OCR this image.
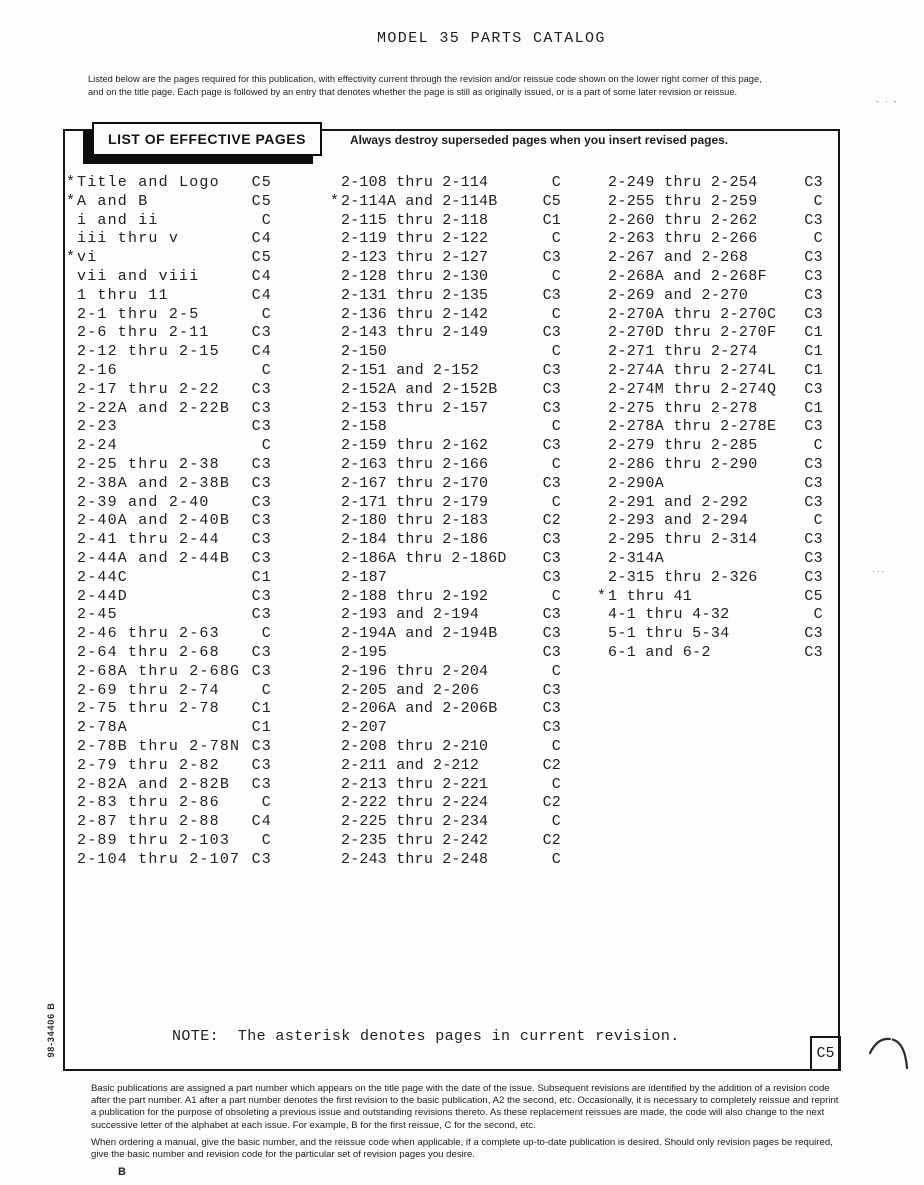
MODEL 35 PARTS CATALOG
Listed below are the pages required for this publication, with effectivity current through the revision and/or reissue code shown on the lower right corner of this page,
and on the title page. Each page is followed by an entry that denotes whether the page is still as originally issued, or is a part of some later revision or reissue.
LIST OF EFFECTIVE PAGES	Always destroy superseded pages when you insert revised pages.
* Title and Logo	C5
* A and B	C5
i and ii	C
iii thru v	C4
* vi	C5
vii and viii	C4
1 thru 11	C4
2-1 thru 2-5	C
2-6 thru 2-11	C3
2-12 thru 2-15	C4
2-16	C
2-17 thru 2-22	C3
2-22A and 2-22B	C3
2-23	C3
2-24	C
2-25 thru 2-38	C3
2-38A and 2-38B	C3
2-39 and 2-40	C3
2-40A and 2-40B	C3
2-41 thru 2-44	C3
2-44A and 2-44B	C3
2-44C	C1
2-44D	C3
2-45	C3
2-46 thru 2-63	C
2-64 thru 2-68	C3
2-68A thru 2-68G C3
2-69 thru 2-74	C
2-75 thru 2-78	C1
2-78A	C1
2-78B thru 2-78N C3
2-79 thru 2-82	C3
2-82A and 2-82B	C3
2-83 thru 2-86	C
2-87 thru 2-88	C4
2-89 thru 2-103	C
2-104 thru 2-107 C3
2-108 thru 2-114	C
* 2-114A and 2-114B	C5
2-115 thru 2-118	C1
2-119 thru 2-122	C
2-123 thru 2-127	C3
2-128 thru 2-130	C
2-131 thru 2-135	C3
2-136 thru 2-142	C
2-143 thru 2-149	C3
2-150	C
2-151 and 2-152	C3
2-152A and 2-152B	C3
2-153 thru 2-157	C3
2-158	C
2-159 thru 2-162	C3
2-163 thru 2-166	C
2-167 thru 2-170	C3
2-171 thru 2-179	C
2-180 thru 2-183	C2
2-184 thru 2-186	C3
2-186A thru 2-186D	C3
2-187	C3
2-188 thru 2-192	C
2-193 and 2-194	C3
2-194A and 2-194B	C3
2-195	C3
2-196 thru 2-204	C
2-205 and 2-206	C3
2-206A and 2-206B	C3
2-207	C3
2-208 thru 2-210	C
2-211 and 2-212	C2
2-213 thru 2-221	C
2-222 thru 2-224	C2
2-225 thru 2-234	C
2-235 thru 2-242	C2
2-243 thru 2-248	C
2-249 thru 2-254	C3
2-255 thru 2-259	C
2-260 thru 2-262	C3
2-263 thru 2-266	C
2-267 and 2-268	C3
2-268A and 2-268F	C3
2-269 and 2-270	C3
2-270A thru 2-270C	C3
2-270D thru 2-270F	C1
2-271 thru 2-274	C1
2-274A thru 2-274L	C1
2-274M thru 2-274Q	C3
2-275 thru 2-278	C1
2-278A thru 2-278E	C3
2-279 thru 2-285	C
2-286 thru 2-290	C3
2-290A	C3
2-291 and 2-292	C3
2-293 and 2-294	C
2-295 thru 2-314	C3
2-314A	C3
2-315 thru 2-326	C3
* 1 thru 41	C5
4-1 thru 4-32	C
5-1 thru 5-34	C3
6-1 and 6-2	C3
NOTE:  The asterisk denotes pages in current revision.
C5
98-34406 B
- · -
···
Basic publications are assigned a part number which appears on the title page with the date of the issue. Subsequent revisions are identified by the addition of a revision code after the part number. A1 after a part number denotes the first revision to the basic publication, A2 the second, etc. Occasionally, it is necessary to completely reissue and reprint a publication for the purpose of obsoleting a previous issue and outstanding revisions thereto. As these replacement reissues are made, the code will also change to the next successive letter of the alphabet at each issue. For example, B for the first reissue, C for the second, etc.
When ordering a manual, give the basic number, and the reissue code when applicable, if a complete up-to-date publication is desired. Should only revision pages be required, give the basic number and revision code for the particular set of revision pages you desire.
B
